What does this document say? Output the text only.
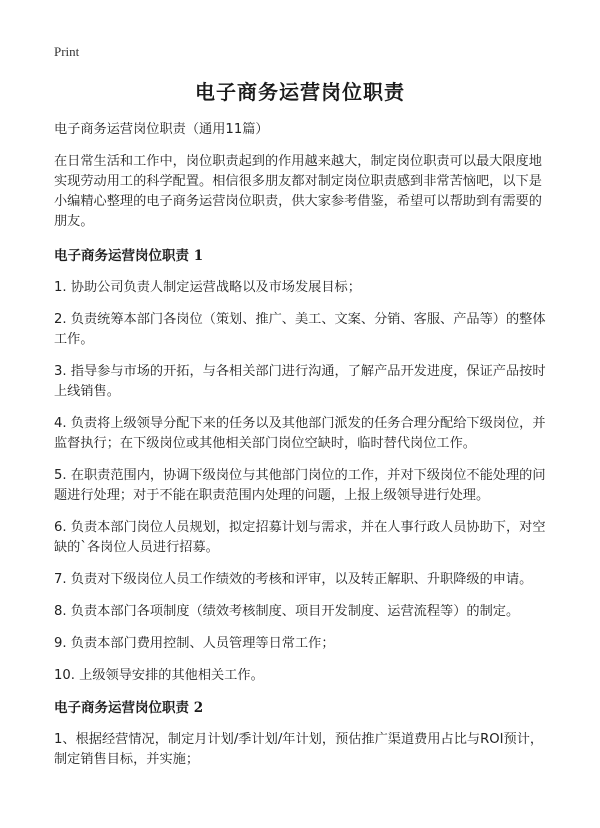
Print
电子商务运营岗位职责

电子商务运营岗位职责（通用11篇）

在日常生活和工作中，岗位职责起到的作用越来越大，制定岗位职责可以最大限度地实现劳动用工的科学配置。相信很多朋友都对制定岗位职责感到非常苦恼吧，以下是小编精心整理的电子商务运营岗位职责，供大家参考借鉴，希望可以帮助到有需要的朋友。

电子商务运营岗位职责 1

1. 协助公司负责人制定运营战略以及市场发展目标；

2. 负责统筹本部门各岗位（策划、推广、美工、文案、分销、客服、产品等）的整体工作。

3. 指导参与市场的开拓，与各相关部门进行沟通，了解产品开发进度，保证产品按时上线销售。

4. 负责将上级领导分配下来的任务以及其他部门派发的任务合理分配给下级岗位，并监督执行；在下级岗位或其他相关部门岗位空缺时，临时替代岗位工作。

5. 在职责范围内，协调下级岗位与其他部门岗位的工作，并对下级岗位不能处理的问题进行处理；对于不能在职责范围内处理的问题，上报上级领导进行处理。

6. 负责本部门岗位人员规划，拟定招募计划与需求，并在人事行政人员协助下，对空缺的`各岗位人员进行招募。

7. 负责对下级岗位人员工作绩效的考核和评审，以及转正解职、升职降级的申请。

8. 负责本部门各项制度（绩效考核制度、项目开发制度、运营流程等）的制定。

9. 负责本部门费用控制、人员管理等日常工作；

10. 上级领导安排的其他相关工作。

电子商务运营岗位职责 2

1、根据经营情况，制定月计划/季计划/年计划，预估推广渠道费用占比与ROI预计，制定销售目标，并实施；
